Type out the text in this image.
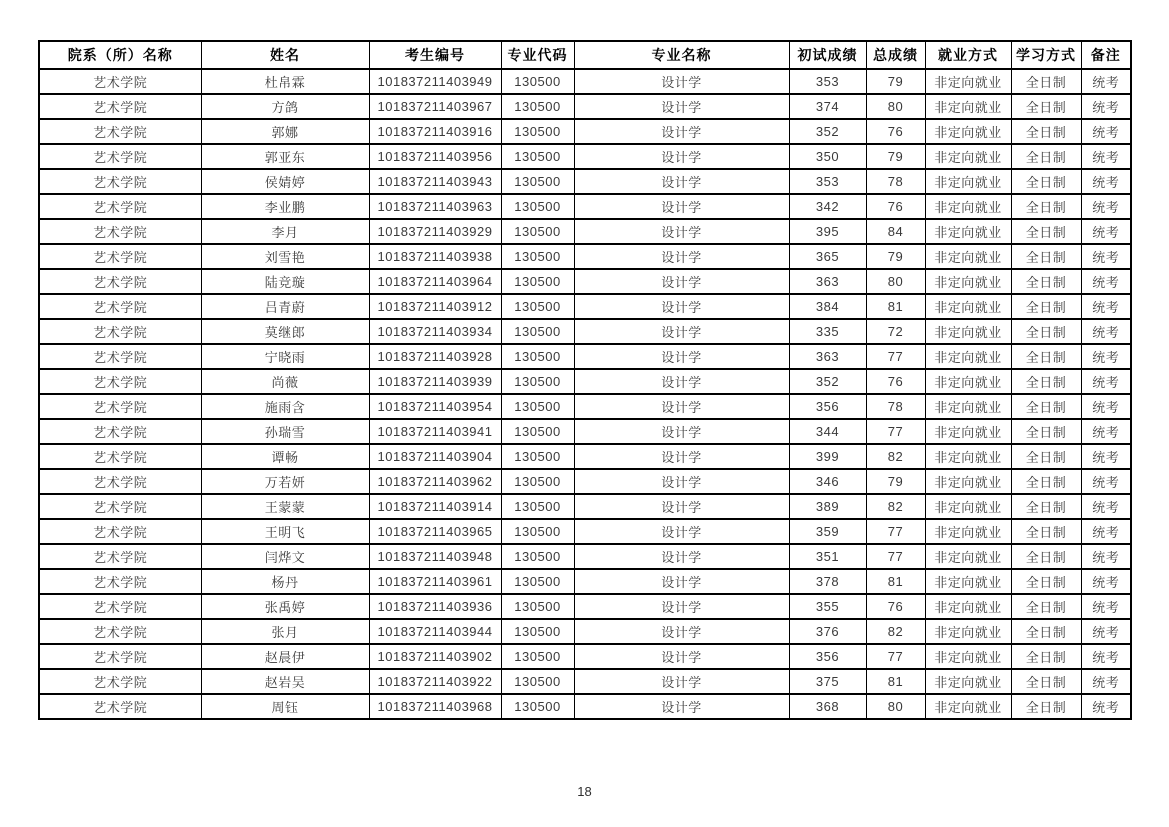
院系（所）名称	姓名	考生编号	专业代码	专业名称	初试成绩	总成绩	就业方式	学习方式	备注
艺术学院	杜帛霖	101837211403949	130500	设计学	353	79	非定向就业	全日制	统考
艺术学院	方鸽	101837211403967	130500	设计学	374	80	非定向就业	全日制	统考
艺术学院	郭娜	101837211403916	130500	设计学	352	76	非定向就业	全日制	统考
艺术学院	郭亚东	101837211403956	130500	设计学	350	79	非定向就业	全日制	统考
艺术学院	侯婧婷	101837211403943	130500	设计学	353	78	非定向就业	全日制	统考
艺术学院	李业鹏	101837211403963	130500	设计学	342	76	非定向就业	全日制	统考
艺术学院	李月	101837211403929	130500	设计学	395	84	非定向就业	全日制	统考
艺术学院	刘雪艳	101837211403938	130500	设计学	365	79	非定向就业	全日制	统考
艺术学院	陆竞璇	101837211403964	130500	设计学	363	80	非定向就业	全日制	统考
艺术学院	吕青蔚	101837211403912	130500	设计学	384	81	非定向就业	全日制	统考
艺术学院	莫继郎	101837211403934	130500	设计学	335	72	非定向就业	全日制	统考
艺术学院	宁晓雨	101837211403928	130500	设计学	363	77	非定向就业	全日制	统考
艺术学院	尚薇	101837211403939	130500	设计学	352	76	非定向就业	全日制	统考
艺术学院	施雨含	101837211403954	130500	设计学	356	78	非定向就业	全日制	统考
艺术学院	孙瑞雪	101837211403941	130500	设计学	344	77	非定向就业	全日制	统考
艺术学院	谭畅	101837211403904	130500	设计学	399	82	非定向就业	全日制	统考
艺术学院	万若妍	101837211403962	130500	设计学	346	79	非定向就业	全日制	统考
艺术学院	王蒙蒙	101837211403914	130500	设计学	389	82	非定向就业	全日制	统考
艺术学院	王明飞	101837211403965	130500	设计学	359	77	非定向就业	全日制	统考
艺术学院	闫烨文	101837211403948	130500	设计学	351	77	非定向就业	全日制	统考
艺术学院	杨丹	101837211403961	130500	设计学	378	81	非定向就业	全日制	统考
艺术学院	张禹婷	101837211403936	130500	设计学	355	76	非定向就业	全日制	统考
艺术学院	张月	101837211403944	130500	设计学	376	82	非定向就业	全日制	统考
艺术学院	赵晨伊	101837211403902	130500	设计学	356	77	非定向就业	全日制	统考
艺术学院	赵岩吴	101837211403922	130500	设计学	375	81	非定向就业	全日制	统考
艺术学院	周钰	101837211403968	130500	设计学	368	80	非定向就业	全日制	统考
18
